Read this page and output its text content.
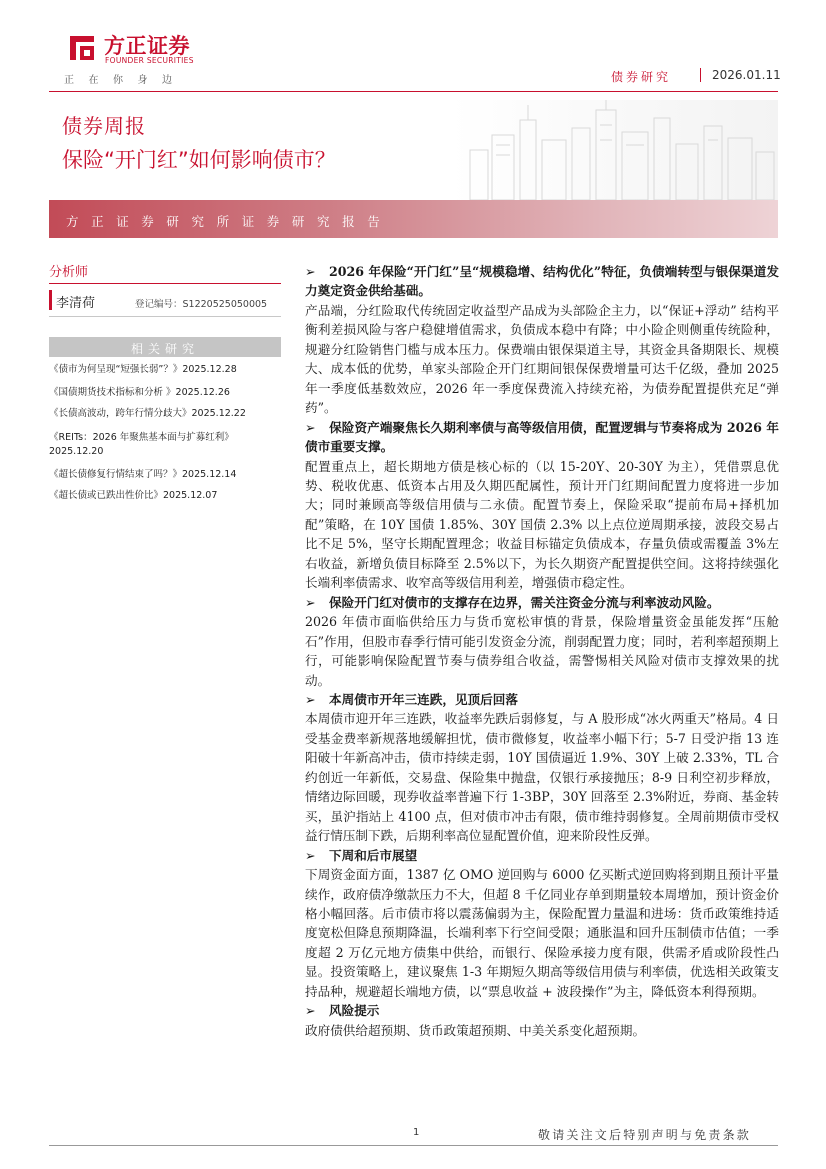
方正证券
FOUNDER SECURITIES
正在你身边	债券研究	2026.01.11
债券周报
保险“开门红”如何影响债市？
方正证券研究所证券研究报告
分析师
李清荷	登记编号：S1220525050005
相关研究
《债市为何呈现“短强长弱”？》2025.12.28
《国债期货技术指标和分析 》2025.12.26
《长债高波动，跨年行情分歧大》2025.12.22
《REITs：2026 年聚焦基本面与扩募红利》
2025.12.20
《超长债修复行情结束了吗？》2025.12.14
《超长债或已跌出性价比》2025.12.07
➢ 2026 年保险“开门红”呈“规模稳增、结构优化”特征，负债端转型与银保渠道发力奠定资金供给基础。
产品端，分红险取代传统固定收益型产品成为头部险企主力，以“保证+浮动” 结构平衡利差损风险与客户稳健增值需求，负债成本稳中有降；中小险企则侧重传统险种，规避分红险销售门槛与成本压力。保费端由银保渠道主导，其资金具备期限长、规模大、成本低的优势，单家头部险企开门红期间银保保费增量可达千亿级，叠加 2025 年一季度低基数效应，2026 年一季度保费流入持续充裕，为债券配置提供充足“弹药”。
➢ 保险资产端聚焦长久期利率债与高等级信用债，配置逻辑与节奏将成为 2026 年债市重要支撑。
配置重点上，超长期地方债是核心标的（以 15-20Y、20-30Y 为主），凭借票息优势、税收优惠、低资本占用及久期匹配属性，预计开门红期间配置力度将进一步加大；同时兼顾高等级信用债与二永债。配置节奏上，保险采取“提前布局+择机加配”策略，在 10Y 国债 1.85%、30Y 国债 2.3% 以上点位逆周期承接，波段交易占比不足 5%，坚守长期配置理念；收益目标锚定负债成本，存量负债或需覆盖 3%左右收益，新增负债目标降至 2.5%以下，为长久期资产配置提供空间。这将持续强化长端利率债需求、收窄高等级信用利差，增强债市稳定性。
➢ 保险开门红对债市的支撑存在边界，需关注资金分流与利率波动风险。
2026 年债市面临供给压力与货币宽松审慎的背景，保险增量资金虽能发挥“压舱石”作用，但股市春季行情可能引发资金分流，削弱配置力度；同时，若利率超预期上行，可能影响保险配置节奏与债券组合收益，需警惕相关风险对债市支撑效果的扰动。
➢ 本周债市开年三连跌，见顶后回落
本周债市迎开年三连跌，收益率先跌后弱修复，与 A 股形成“冰火两重天”格局。4 日受基金费率新规落地缓解担忧，债市微修复，收益率小幅下行；5-7 日受沪指 13 连阳破十年新高冲击，债市持续走弱，10Y 国债逼近 1.9%、30Y 上破 2.33%，TL 合约创近一年新低，交易盘、保险集中抛盘，仅银行承接抛压；8-9 日利空初步释放，情绪边际回暖，现券收益率普遍下行 1-3BP，30Y 回落至 2.3%附近，券商、基金转买，虽沪指站上 4100 点，但对债市冲击有限，债市维持弱修复。全周前期债市受权益行情压制下跌，后期利率高位显配置价值，迎来阶段性反弹。
➢ 下周和后市展望
下周资金面方面，1387 亿 OMO 逆回购与 6000 亿买断式逆回购将到期且预计平量续作，政府债净缴款压力不大，但超 8 千亿同业存单到期量较本周增加，预计资金价格小幅回落。后市债市将以震荡偏弱为主，保险配置力量温和进场：货币政策维持适度宽松但降息预期降温，长端利率下行空间受限；通胀温和回升压制债市估值；一季度超 2 万亿元地方债集中供给，而银行、保险承接力度有限，供需矛盾或阶段性凸显。投资策略上，建议聚焦 1-3 年期短久期高等级信用债与利率债，优选相关政策支持品种，规避超长端地方债，以“票息收益 + 波段操作”为主，降低资本利得预期。
➢ 风险提示
政府债供给超预期、货币政策超预期、中美关系变化超预期。
1	敬请关注文后特别声明与免责条款
